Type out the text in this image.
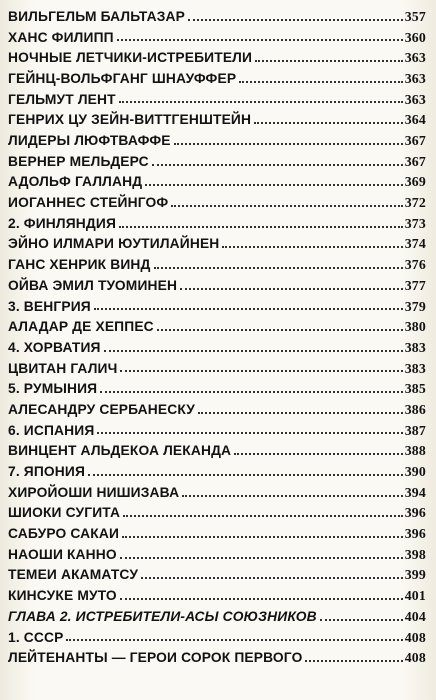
ВИЛЬГЕЛЬМ БАЛЬТАЗАР	357
ХАНС ФИЛИПП	360
НОЧНЫЕ ЛЕТЧИКИ-ИСТРЕБИТЕЛИ	363
ГЕЙНЦ-ВОЛЬФГАНГ ШНАУФФЕР	363
ГЕЛЬМУТ ЛЕНТ	363
ГЕНРИХ ЦУ ЗЕЙН-ВИТТГЕНШТЕЙН	364
ЛИДЕРЫ ЛЮФТВАФФЕ	367
ВЕРНЕР МЕЛЬДЕРС	367
АДОЛЬФ ГАЛЛАНД	369
ИОГАННЕС СТЕЙНГОФ	372
2. ФИНЛЯНДИЯ	373
ЭЙНО ИЛМАРИ ЮУТИЛАЙНЕН	374
ГАНС ХЕНРИК ВИНД	376
ОЙВА ЭМИЛ ТУОМИНЕН	377
3. ВЕНГРИЯ	379
АЛАДАР ДЕ ХЕППЕС	380
4. ХОРВАТИЯ	383
ЦВИТАН ГАЛИЧ	383
5. РУМЫНИЯ	385
АЛЕСАНДРУ СЕРБАНЕСКУ	386
6. ИСПАНИЯ	387
ВИНЦЕНТ АЛЬДЕКОА ЛЕКАНДА	388
7. ЯПОНИЯ	390
ХИРОЙОШИ НИШИЗАВА	394
ШИОКИ СУГИТА	396
САБУРО САКАИ	396
НАОШИ КАННО	398
ТЕМЕИ АКАМАТСУ	399
КИНСУКЕ МУТО	401
ГЛАВА 2. ИСТРЕБИТЕЛИ-АСЫ СОЮЗНИКОВ	404
1. СССР	408
ЛЕЙТЕНАНТЫ — ГЕРОИ СОРОК ПЕРВОГО	408
